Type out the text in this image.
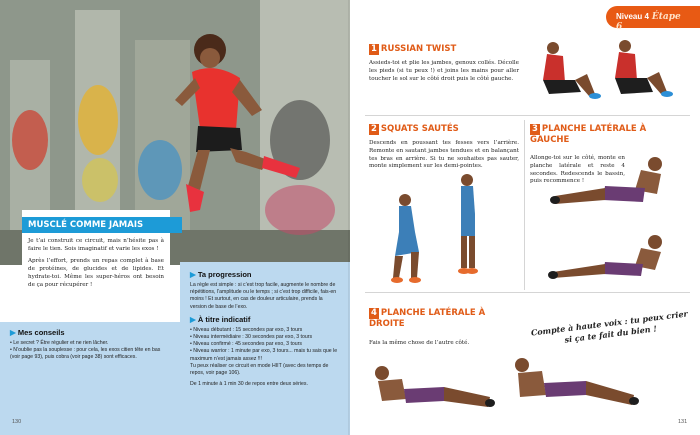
MUSCLÉ COMME JAMAIS

Je t’ai construit ce circuit, mais n’hésite pas à faire le tien. Sois imaginatif et varie les exos !

Après l’effort, prends un repas complet à base de protéines, de glucides et de lipides. Et hydrate-toi. Même les super-héros ont besoin de ça pour récupérer !

▶ Mes conseils
• Le secret ? Être régulier et ne rien lâcher.
• N’oublie pas la souplesse : pour cela, les exos citien tête en bas (voir page 93), puis cobra (voir page 38) sont efficaces.
▶ Ta progression
La règle est simple : si c’est trop facile, augmente le nombre de répétitions, l’amplitude ou le temps ; si c’est trop difficile, fais-en moins ! Et surtout, en cas de douleur articulaire, prends la version de base de l’exo.
▶ À titre indicatif
• Niveau débutant : 15 secondes par exo, 3 tours
• Niveau intermédiaire : 30 secondes par exo, 3 tours
• Niveau confirmé : 45 secondes par exo, 3 tours
• Niveau warrior : 1 minute par exo, 3 tours... mais tu sais que le maximum n’est jamais assez !!!
Tu peux réaliser ce circuit en mode HIIT (avec des temps de repos, voir page 106).
De 1 minute à 1 min 30 de repos entre deux séries.
130
Niveau 4 Étape 6
1 RUSSIAN TWIST
Assieds-toi et plie les jambes, genoux collés. Décolle les pieds (si tu peux !) et joins les mains pour aller toucher le sol sur le côté droit puis le côté gauche.
2 SQUATS SAUTÉS
Descends en poussant tes fesses vers l’arrière. Remonte en sautant jambes tendues et en balançant tes bras en arrière. Si tu ne souhaites pas sauter, monte simplement sur les demi-pointes.
3 PLANCHE LATÉRALE À GAUCHE
Allonge-toi sur le côté, monte en planche latérale et reste 4 secondes. Redescends le bassin, puis recommence !
4 PLANCHE LATÉRALE À DROITE
Fais la même chose de l’autre côté.
Compte à haute voix : tu peux crier si ça te fait du bien !
131
